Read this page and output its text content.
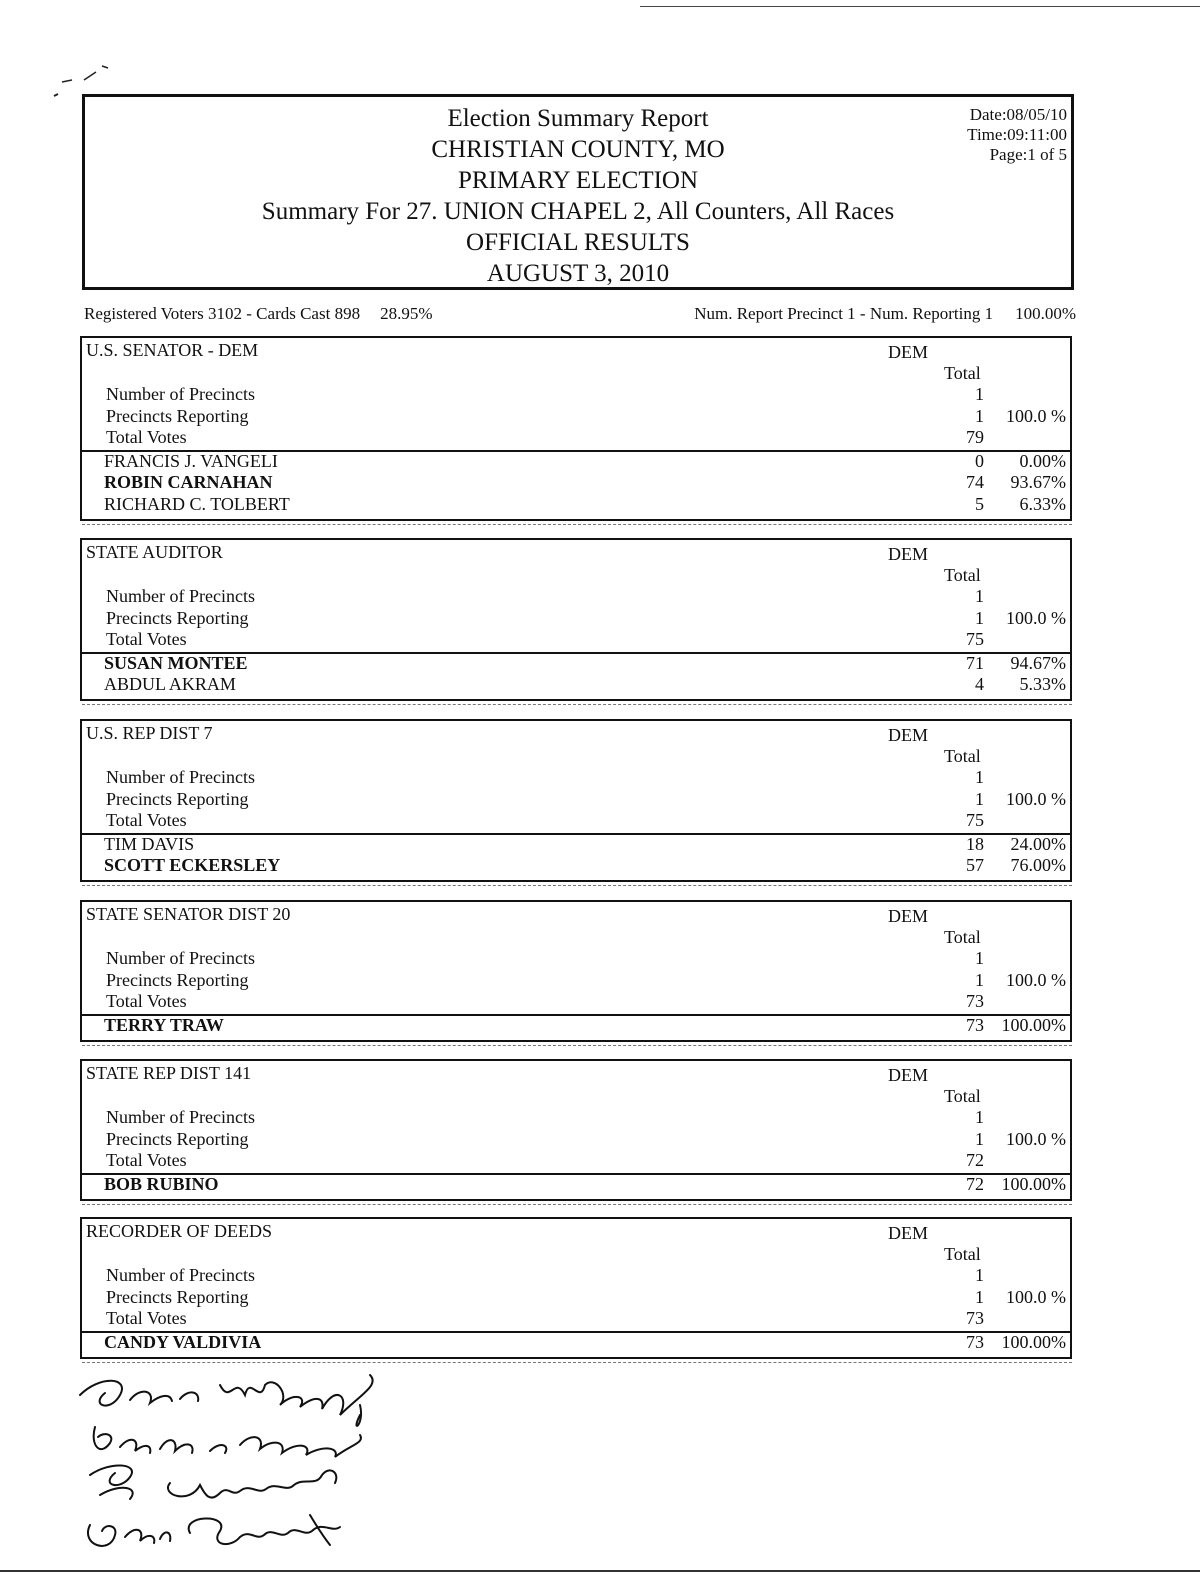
Election Summary Report
CHRISTIAN COUNTY, MO
PRIMARY ELECTION
Summary For 27. UNION CHAPEL 2, All Counters, All Races
OFFICIAL RESULTS
AUGUST 3, 2010
Date:08/05/10
Time:09:11:00
Page:1 of 5
Registered Voters 3102 - Cards Cast 898 28.95%	Num. Report Precinct 1 - Num. Reporting 1 100.00%
U.S. SENATOR - DEM	DEM
Total
Number of Precincts	1
Precincts Reporting	1 100.0 %
Total Votes	79
FRANCIS J. VANGELI	0 0.00%
ROBIN CARNAHAN	74 93.67%
RICHARD C. TOLBERT	5 6.33%
STATE AUDITOR	DEM
Total
Number of Precincts	1
Precincts Reporting	1 100.0 %
Total Votes	75
SUSAN MONTEE	71 94.67%
ABDUL AKRAM	4 5.33%
U.S. REP DIST 7	DEM
Total
Number of Precincts	1
Precincts Reporting	1 100.0 %
Total Votes	75
TIM DAVIS	18 24.00%
SCOTT ECKERSLEY	57 76.00%
STATE SENATOR DIST 20	DEM
Total
Number of Precincts	1
Precincts Reporting	1 100.0 %
Total Votes	73
TERRY TRAW	73 100.00%
STATE REP DIST 141	DEM
Total
Number of Precincts	1
Precincts Reporting	1 100.0 %
Total Votes	72
BOB RUBINO	72 100.00%
RECORDER OF DEEDS	DEM
Total
Number of Precincts	1
Precincts Reporting	1 100.0 %
Total Votes	73
CANDY VALDIVIA	73 100.00%
